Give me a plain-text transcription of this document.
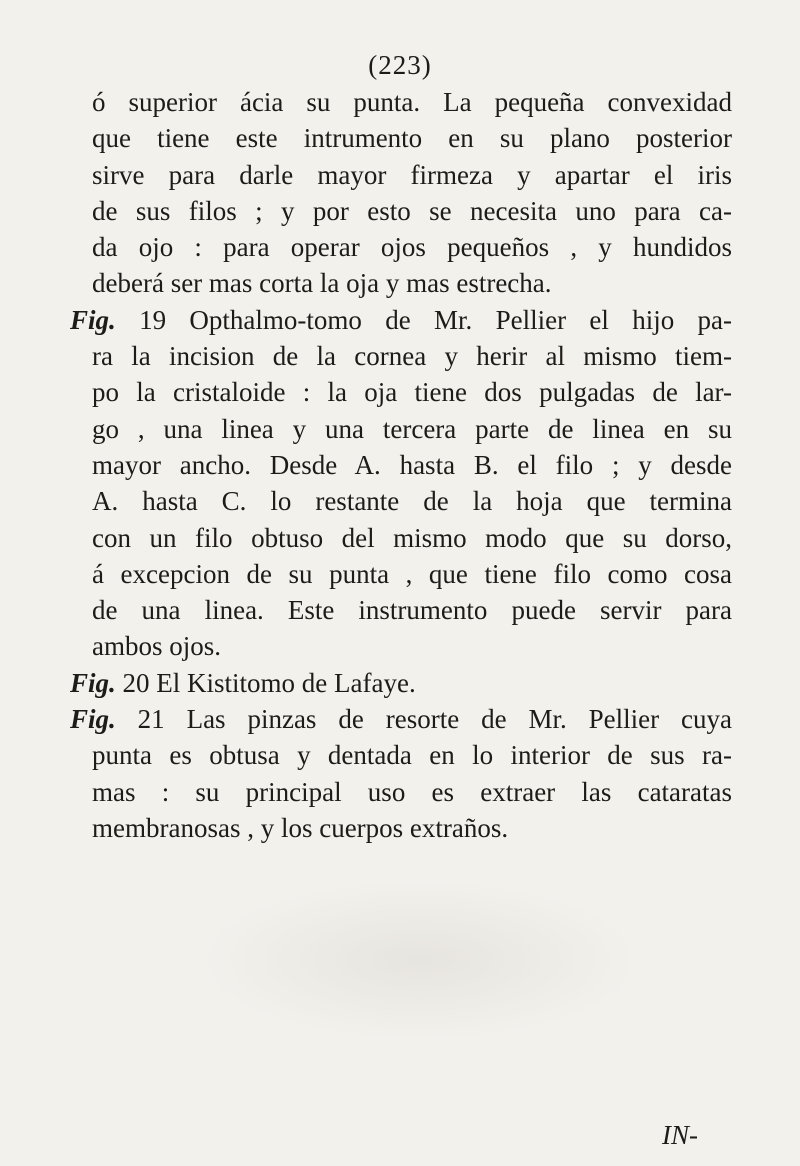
(223)
ó superior ácia su punta. La pequeña convexidad
que tiene este intrumento en su plano posterior
sirve para darle mayor firmeza y apartar el iris
de sus filos ; y por esto se necesita uno para ca-
da ojo : para operar ojos pequeños , y hundidos
deberá ser mas corta la oja y mas estrecha.
Fig. 19 Opthalmo-tomo de Mr. Pellier el hijo pa-
ra la incision de la cornea y herir al mismo tiem-
po la cristaloide : la oja tiene dos pulgadas de lar-
go , una linea y una tercera parte de linea en su
mayor ancho. Desde A. hasta B. el filo ; y desde
A. hasta C. lo restante de la hoja que termina
con un filo obtuso del mismo modo que su dorso,
á excepcion de su punta , que tiene filo como cosa
de una linea. Este instrumento puede servir para
ambos ojos.
Fig. 20 El Kistitomo de Lafaye.
Fig. 21 Las pinzas de resorte de Mr. Pellier cuya
punta es obtusa y dentada en lo interior de sus ra-
mas : su principal uso es extraer las cataratas
membranosas , y los cuerpos extraños.
IN-
